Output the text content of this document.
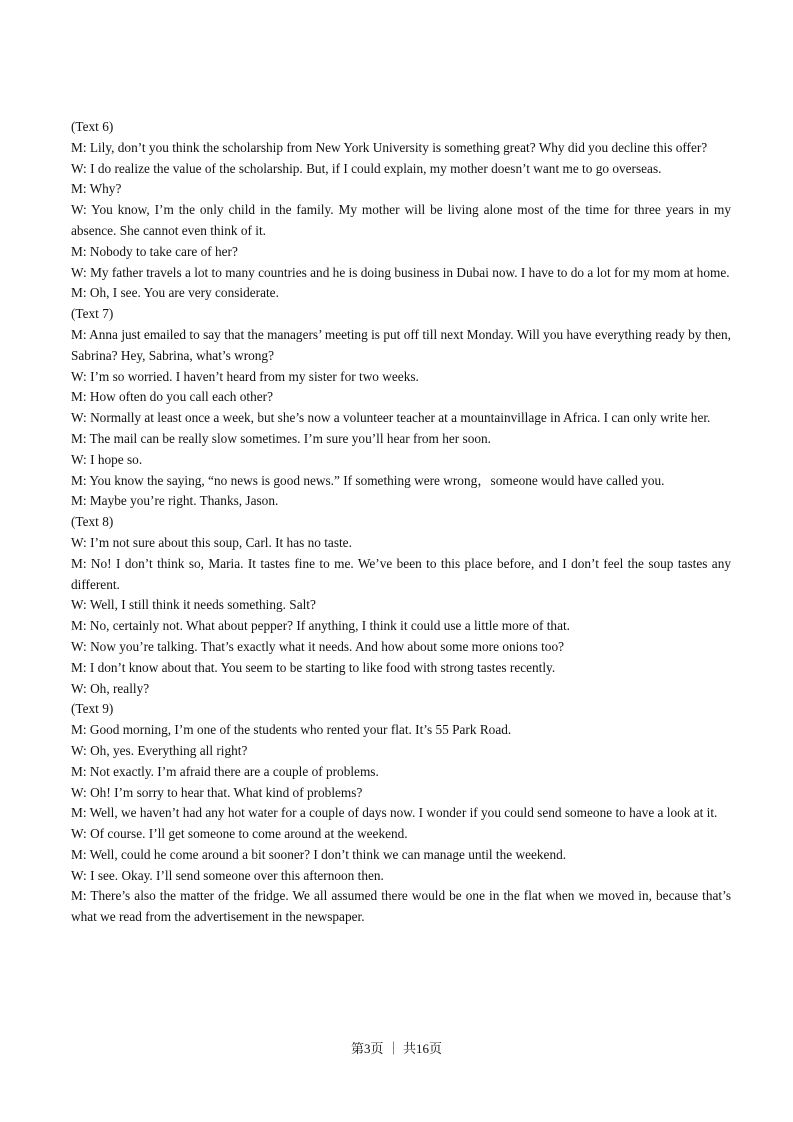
(Text 6)

M: Lily, don’t you think the scholarship from New York University is something great? Why did you decline this offer?

W: I do realize the value of the scholarship. But, if I could explain, my mother doesn’t want me to go overseas.

M: Why?

W: You know, I’m the only child in the family. My mother will be living alone most of the time for three years in my absence. She cannot even think of it.

M: Nobody to take care of her?

W: My father travels a lot to many countries and he is doing business in Dubai now. I have to do a lot for my mom at home.

M: Oh, I see. You are very considerate.

(Text 7)

M: Anna just emailed to say that the managers’ meeting is put off till next Monday. Will you have everything ready by then, Sabrina? Hey, Sabrina, what’s wrong?

W: I’m so worried. I haven’t heard from my sister for two weeks.

M: How often do you call each other?

W: Normally at least once a week, but she’s now a volunteer teacher at a mountainvillage in Africa. I can only write her.

M: The mail can be really slow sometimes. I’m sure you’ll hear from her soon.

W: I hope so.

M: You know the saying, “no news is good news.” If something were wrong，someone would have called you.

M: Maybe you’re right. Thanks, Jason.

(Text 8)

W: I’m not sure about this soup, Carl. It has no taste.

M: No! I don’t think so, Maria. It tastes fine to me. We’ve been to this place before, and I don’t feel the soup tastes any different.

W: Well, I still think it needs something. Salt?

M: No, certainly not. What about pepper? If anything, I think it could use a little more of that.

W: Now you’re talking. That’s exactly what it needs. And how about some more onions too?

M: I don’t know about that. You seem to be starting to like food with strong tastes recently.

W: Oh, really?

(Text 9)

M: Good morning, I’m one of the students who rented your flat. It’s 55 Park Road.

W: Oh, yes. Everything all right?

M: Not exactly. I’m afraid there are a couple of problems.

W: Oh! I’m sorry to hear that. What kind of problems?

M: Well, we haven’t had any hot water for a couple of days now. I wonder if you could send someone to have a look at it.

W: Of course. I’ll get someone to come around at the weekend.

M: Well, could he come around a bit sooner? I don’t think we can manage until the weekend.

W: I see. Okay. I’ll send someone over this afternoon then.

M: There’s also the matter of the fridge. We all assumed there would be one in the flat when we moved in, because that’s what we read from the advertisement in the newspaper.

第3页 ｜ 共16页
